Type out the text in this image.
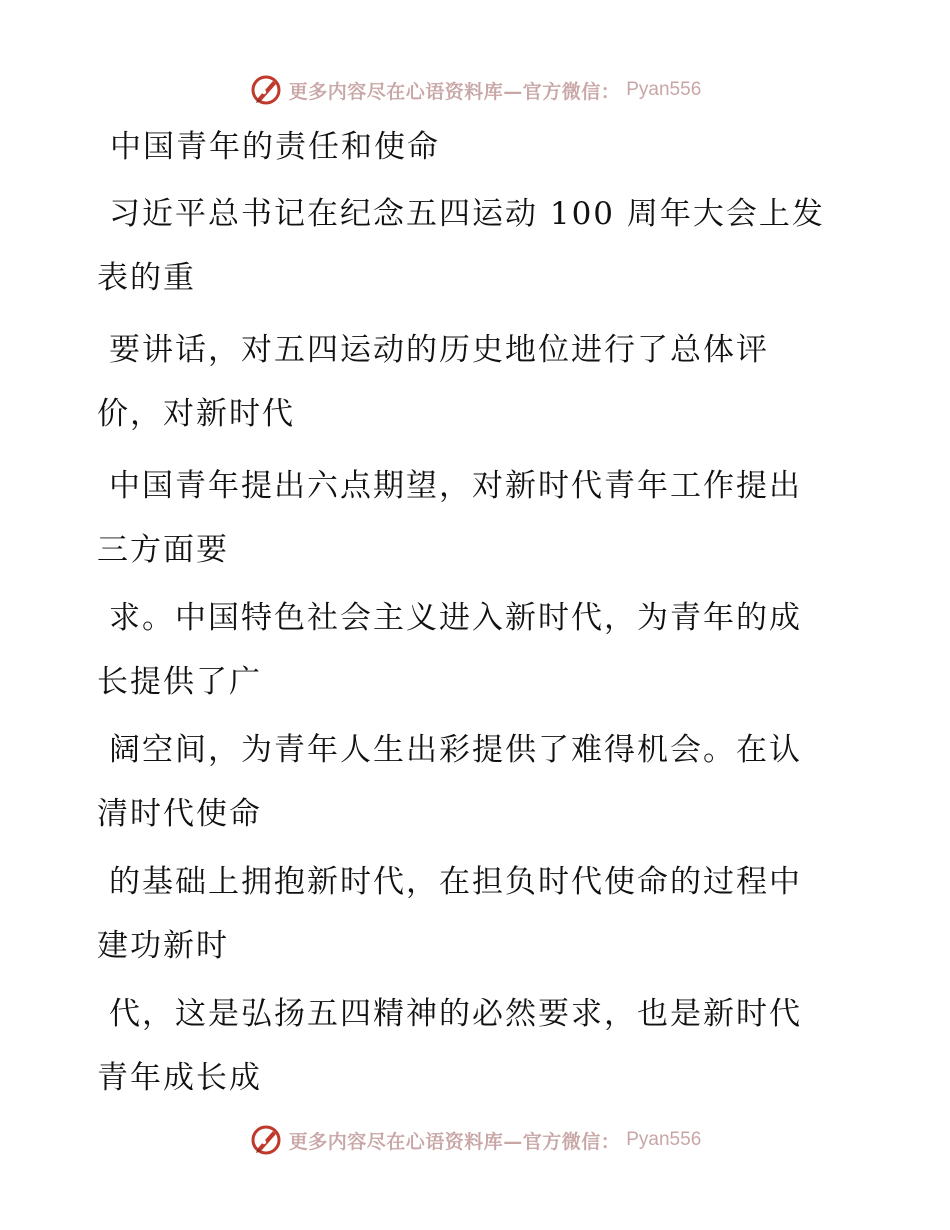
更多内容尽在心语资料库—官方微信： Pyan556
中国青年的责任和使命
习近平总书记在纪念五四运动 100 周年大会上发
表的重
要讲话，对五四运动的历史地位进行了总体评
价，对新时代
中国青年提出六点期望，对新时代青年工作提出
三方面要
求。中国特色社会主义进入新时代，为青年的成
长提供了广
阔空间，为青年人生出彩提供了难得机会。在认
清时代使命
的基础上拥抱新时代，在担负时代使命的过程中
建功新时
代，这是弘扬五四精神的必然要求，也是新时代
青年成长成
更多内容尽在心语资料库—官方微信： Pyan556
